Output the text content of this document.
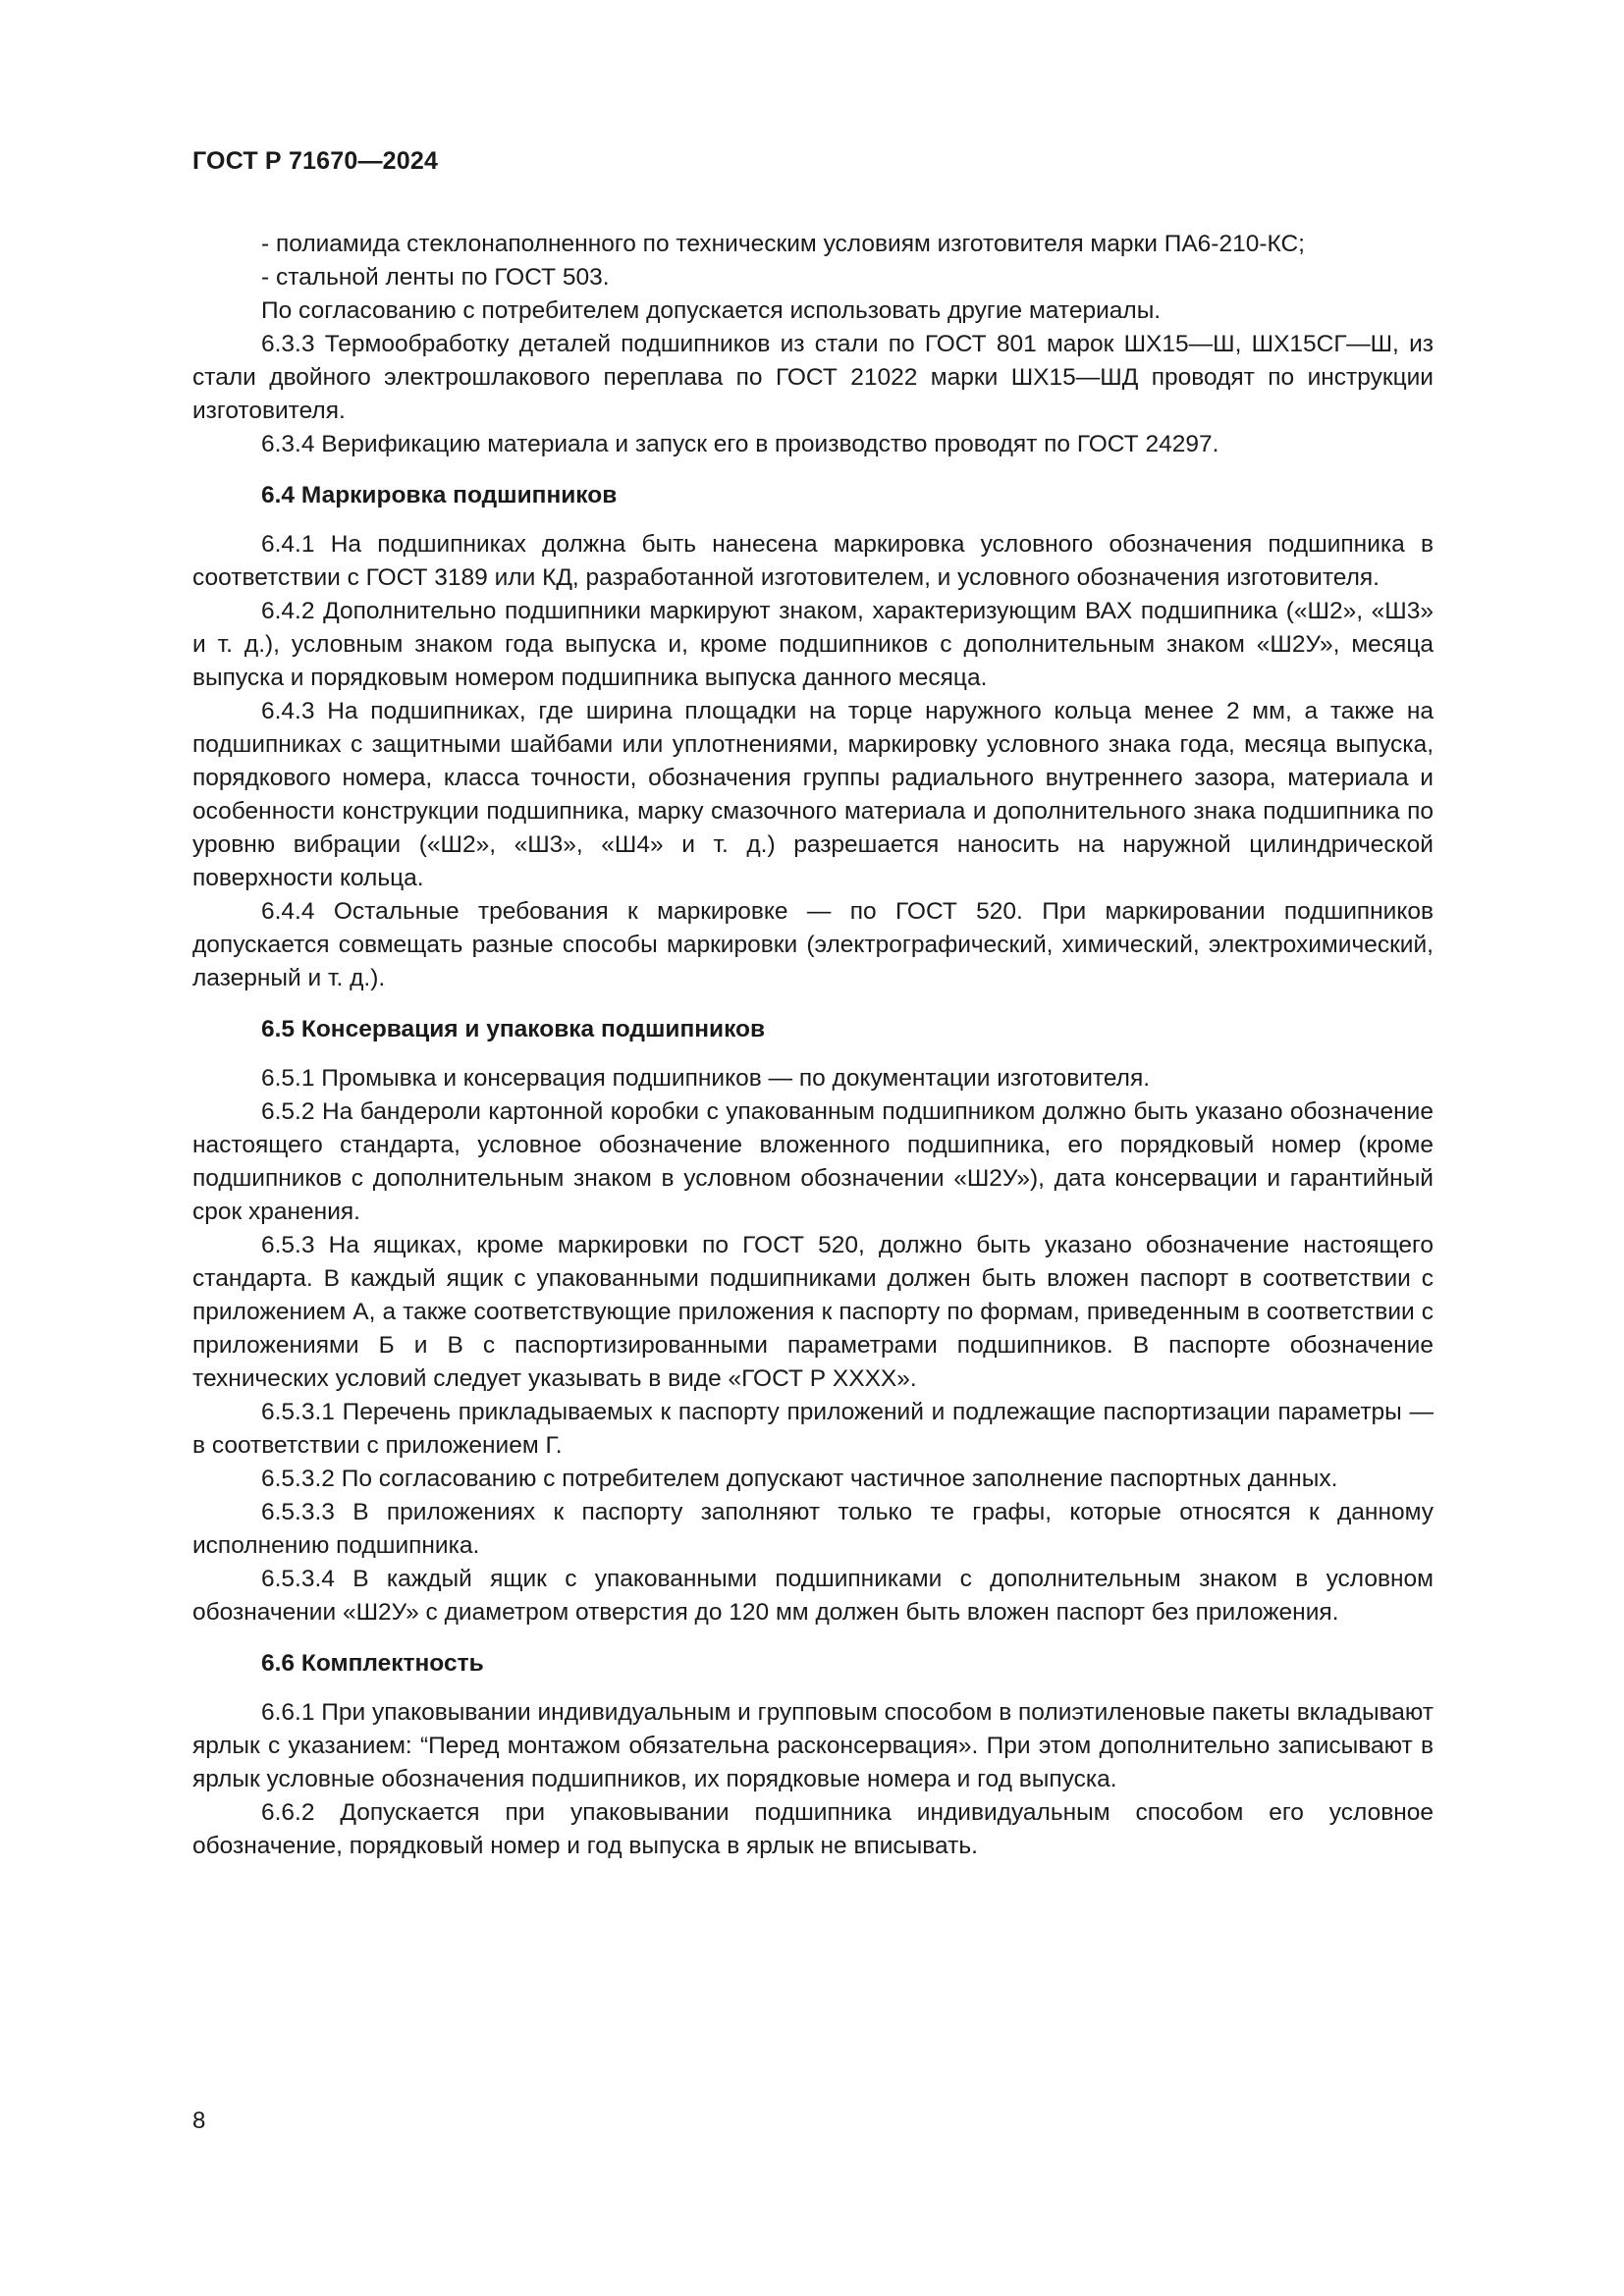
ГОСТ Р 71670—2024

- полиамида стеклонаполненного по техническим условиям изготовителя марки ПА6-210-КС;

- стальной ленты по ГОСТ 503.

По согласованию с потребителем допускается использовать другие материалы.

6.3.3 Термообработку деталей подшипников из стали по ГОСТ 801 марок ШХ15—Ш, ШХ15СГ—Ш, из стали двойного электрошлакового переплава по ГОСТ 21022 марки ШХ15—ШД проводят по инструкции изготовителя.

6.3.4 Верификацию материала и запуск его в производство проводят по ГОСТ 24297.

6.4 Маркировка подшипников

6.4.1 На подшипниках должна быть нанесена маркировка условного обозначения подшипника в соответствии с ГОСТ 3189 или КД, разработанной изготовителем, и условного обозначения изготовителя.

6.4.2 Дополнительно подшипники маркируют знаком, характеризующим ВАХ подшипника («Ш2», «Ш3» и т. д.), условным знаком года выпуска и, кроме подшипников с дополнительным знаком «Ш2У», месяца выпуска и порядковым номером подшипника выпуска данного месяца.

6.4.3 На подшипниках, где ширина площадки на торце наружного кольца менее 2 мм, а также на подшипниках с защитными шайбами или уплотнениями, маркировку условного знака года, месяца выпуска, порядкового номера, класса точности, обозначения группы радиального внутреннего зазора, материала и особенности конструкции подшипника, марку смазочного материала и дополнительного знака подшипника по уровню вибрации («Ш2», «Ш3», «Ш4» и т. д.) разрешается наносить на наружной цилиндрической поверхности кольца.

6.4.4 Остальные требования к маркировке — по ГОСТ 520. При маркировании подшипников допускается совмещать разные способы маркировки (электрографический, химический, электрохимический, лазерный и т. д.).

6.5 Консервация и упаковка подшипников

6.5.1 Промывка и консервация подшипников — по документации изготовителя.

6.5.2 На бандероли картонной коробки с упакованным подшипником должно быть указано обозначение настоящего стандарта, условное обозначение вложенного подшипника, его порядковый номер (кроме подшипников с дополнительным знаком в условном обозначении «Ш2У»), дата консервации и гарантийный срок хранения.

6.5.3 На ящиках, кроме маркировки по ГОСТ 520, должно быть указано обозначение настоящего стандарта. В каждый ящик с упакованными подшипниками должен быть вложен паспорт в соответствии с приложением А, а также соответствующие приложения к паспорту по формам, приведенным в соответствии с приложениями Б и В с паспортизированными параметрами подшипников. В паспорте обозначение технических условий следует указывать в виде «ГОСТ Р ХХХХ».

6.5.3.1 Перечень прикладываемых к паспорту приложений и подлежащие паспортизации параметры — в соответствии с приложением Г.

6.5.3.2 По согласованию с потребителем допускают частичное заполнение паспортных данных.

6.5.3.3 В приложениях к паспорту заполняют только те графы, которые относятся к данному исполнению подшипника.

6.5.3.4 В каждый ящик с упакованными подшипниками с дополнительным знаком в условном обозначении «Ш2У» с диаметром отверстия до 120 мм должен быть вложен паспорт без приложения.

6.6 Комплектность

6.6.1 При упаковывании индивидуальным и групповым способом в полиэтиленовые пакеты вкладывают ярлык с указанием: “Перед монтажом обязательна расконсервация». При этом дополнительно записывают в ярлык условные обозначения подшипников, их порядковые номера и год выпуска.

6.6.2 Допускается при упаковывании подшипника индивидуальным способом его условное обозначение, порядковый номер и год выпуска в ярлык не вписывать.

8
